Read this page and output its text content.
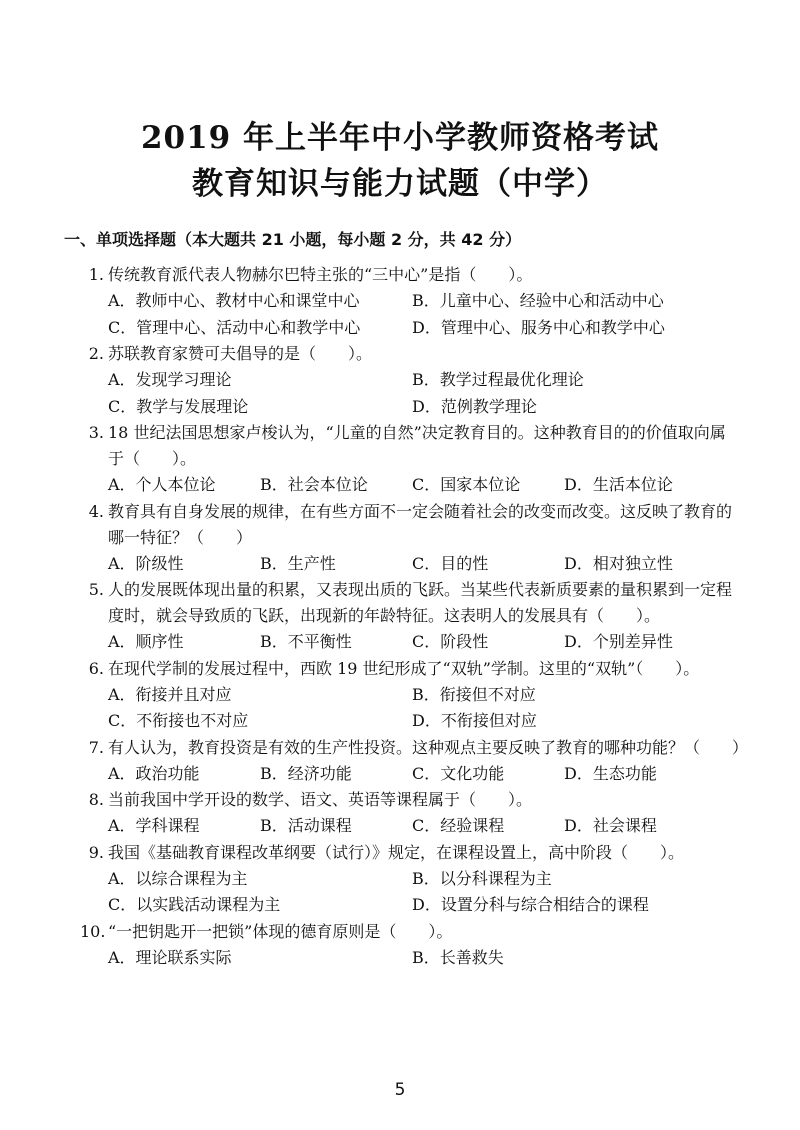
2019 年上半年中小学教师资格考试
教育知识与能力试题（中学）
一、单项选择题（本大题共 21 小题，每小题 2 分，共 42 分）
1. 传统教育派代表人物赫尔巴特主张的“三中心”是指（　　）。
A．教师中心、教材中心和课堂中心	B．儿童中心、经验中心和活动中心
C．管理中心、活动中心和教学中心	D．管理中心、服务中心和教学中心
2. 苏联教育家赞可夫倡导的是（　　）。
A．发现学习理论	B．教学过程最优化理论
C．教学与发展理论	D．范例教学理论
3. 18 世纪法国思想家卢梭认为，“儿童的自然”决定教育目的。这种教育目的的价值取向属于（　　）。
A．个人本位论	B．社会本位论	C．国家本位论	D．生活本位论
4. 教育具有自身发展的规律，在有些方面不一定会随着社会的改变而改变。这反映了教育的哪一特征？（　　）
A．阶级性	B．生产性	C．目的性	D．相对独立性
5. 人的发展既体现出量的积累，又表现出质的飞跃。当某些代表新质要素的量积累到一定程度时，就会导致质的飞跃，出现新的年龄特征。这表明人的发展具有（　　）。
A．顺序性	B．不平衡性	C．阶段性	D．个别差异性
6. 在现代学制的发展过程中，西欧 19 世纪形成了“双轨”学制。这里的“双轨”（　　）。
A．衔接并且对应	B．衔接但不对应
C．不衔接也不对应	D．不衔接但对应
7. 有人认为，教育投资是有效的生产性投资。这种观点主要反映了教育的哪种功能？（　　）
A．政治功能	B．经济功能	C．文化功能	D．生态功能
8. 当前我国中学开设的数学、语文、英语等课程属于（　　）。
A．学科课程	B．活动课程	C．经验课程	D．社会课程
9. 我国《基础教育课程改革纲要（试行）》规定，在课程设置上，高中阶段（　　）。
A．以综合课程为主	B．以分科课程为主
C．以实践活动课程为主	D．设置分科与综合相结合的课程
10. “一把钥匙开一把锁”体现的德育原则是（　　）。
A．理论联系实际	B．长善救失
5
